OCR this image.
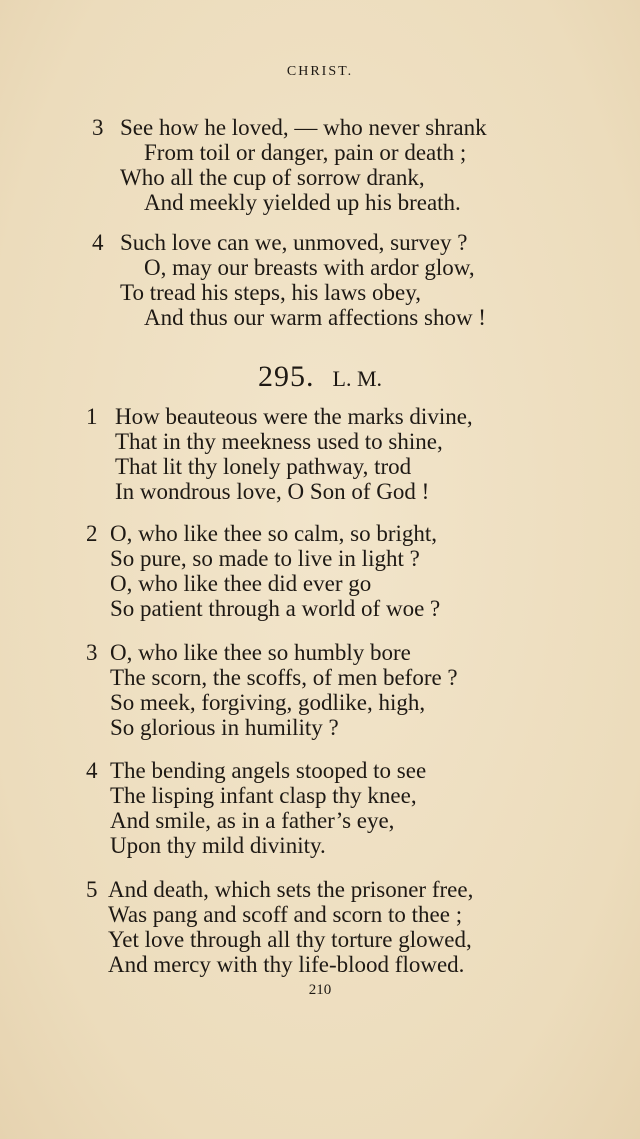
CHRIST.
3 See how he loved, — who never shrank
From toil or danger, pain or death ;
Who all the cup of sorrow drank,
And meekly yielded up his breath.
4 Such love can we, unmoved, survey ?
O, may our breasts with ardor glow,
To tread his steps, his laws obey,
And thus our warm affections show !
295. L. M.
1 How beauteous were the marks divine,
That in thy meekness used to shine,
That lit thy lonely pathway, trod
In wondrous love, O Son of God !
2 O, who like thee so calm, so bright,
So pure, so made to live in light ?
O, who like thee did ever go
So patient through a world of woe ?
3 O, who like thee so humbly bore
The scorn, the scoffs, of men before ?
So meek, forgiving, godlike, high,
So glorious in humility ?
4 The bending angels stooped to see
The lisping infant clasp thy knee,
And smile, as in a father’s eye,
Upon thy mild divinity.
5 And death, which sets the prisoner free,
Was pang and scoff and scorn to thee ;
Yet love through all thy torture glowed,
And mercy with thy life-blood flowed.
210
